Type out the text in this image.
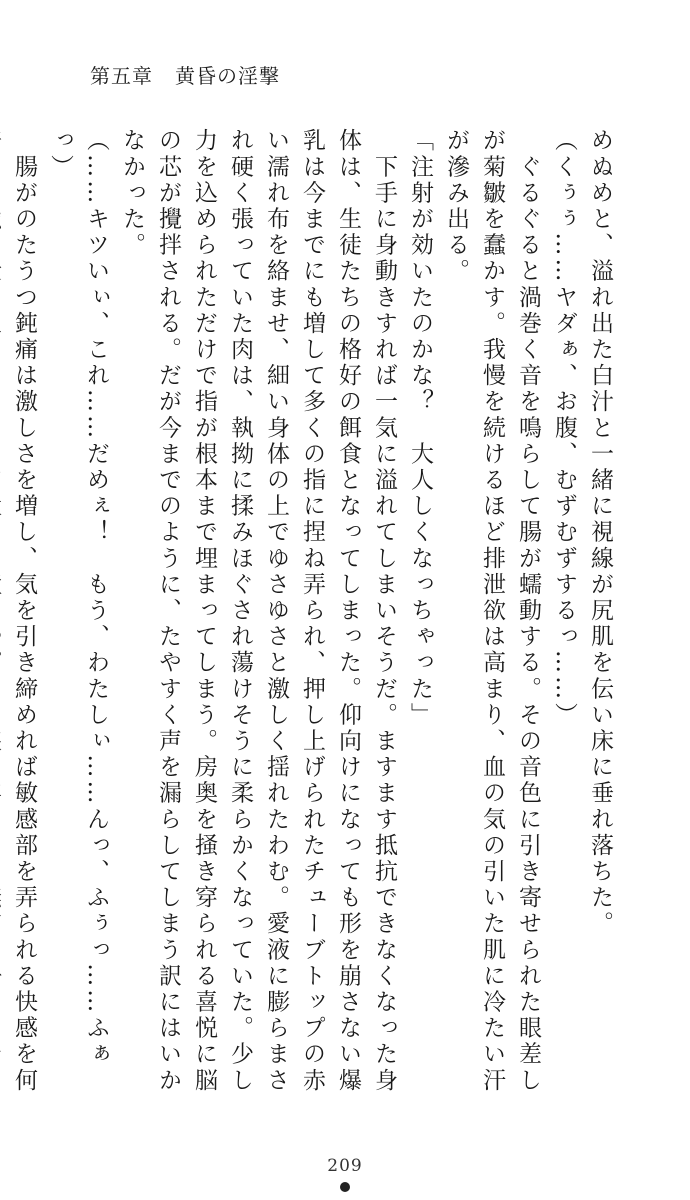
第五章 黄昏の淫撃

めぬめと、溢れ出た白汁と一緒に視線が尻肌を伝い床に垂れ落ちた。

（くぅぅ……ヤダぁ、お腹、むずむずするっ……）

　ぐるぐると渦巻く音を鳴らして腸が蠕動する。その音色に引き寄せられた眼差しが菊皺を蠢かす。我慢を続けるほど排泄欲は高まり、血の気の引いた肌に冷たい汗が滲み出る。

「注射が効いたのかな？　大人しくなっちゃった」

　下手に身動きすれば一気に溢れてしまいそうだ。ますます抵抗できなくなった身体は、生徒たちの格好の餌食となってしまった。仰向けになっても形を崩さない爆乳は今までにも増して多くの指に捏ね弄られ、押し上げられたチューブトップの赤い濡れ布を絡ませ、細い身体の上でゆさゆさと激しく揺れたわむ。愛液に膨らまされ硬く張っていた肉は、執拗に揉みほぐされ蕩けそうに柔らかくなっていた。少し力を込められただけで指が根本まで埋まってしまう。房奥を掻き穿られる喜悦に脳の芯が攪拌される。だが今までのように、たやすく声を漏らしてしまう訳にはいかなかった。

（……キツいぃ、これ……だめぇ！　もう、わたしぃ……んっ、ふぅっ……ふぁっ）

　腸がのたうつ鈍痛は激しさを増し、気を引き締めれば敏感部を弄られる快感を何

209
